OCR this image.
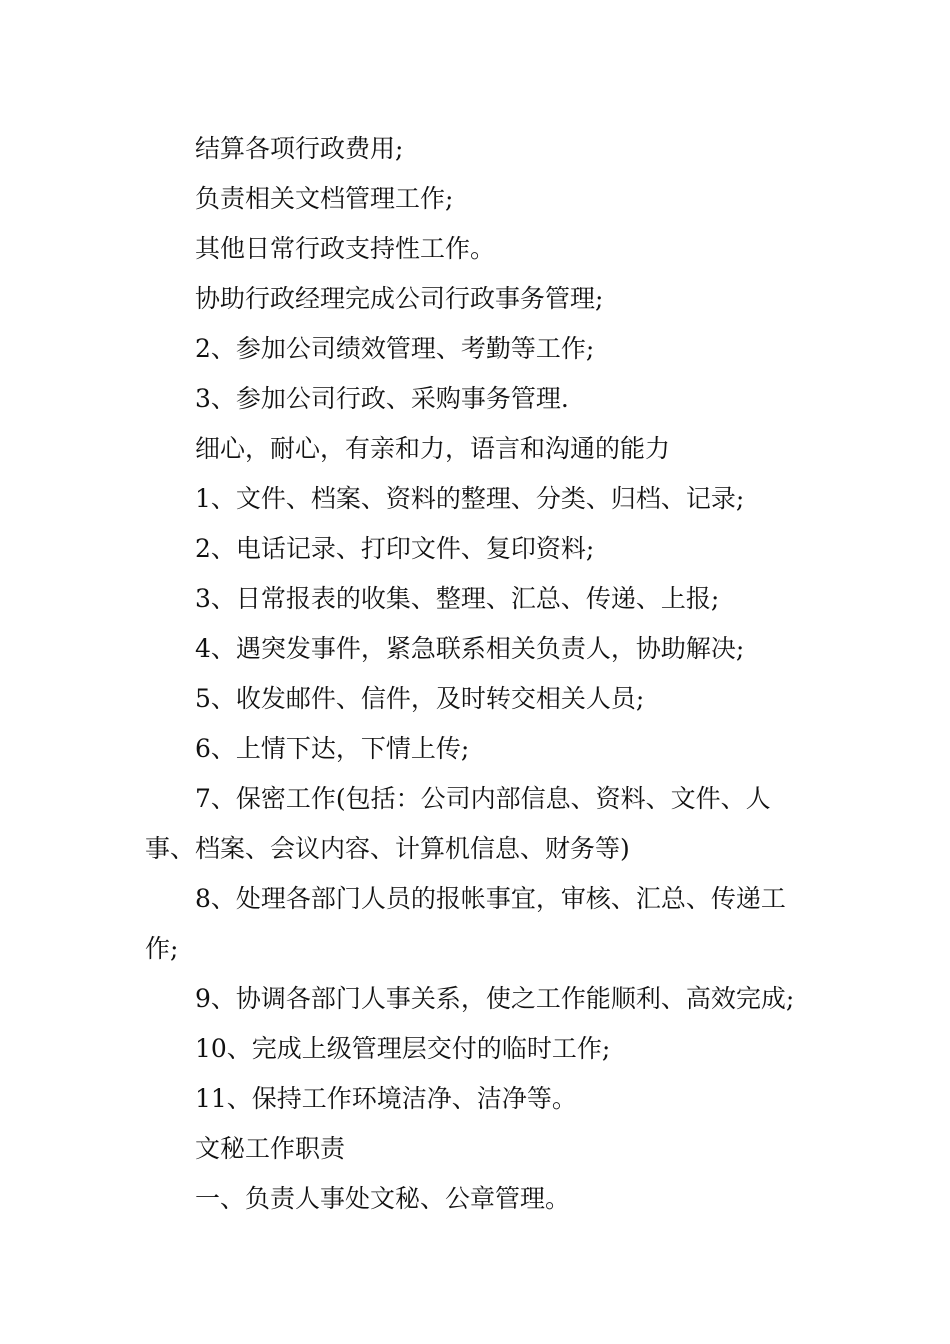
结算各项行政费用;

负责相关文档管理工作;

其他日常行政支持性工作。

协助行政经理完成公司行政事务管理;

2、参加公司绩效管理、考勤等工作;

3、参加公司行政、采购事务管理.

细心，耐心，有亲和力，语言和沟通的能力

1、文件、档案、资料的整理、分类、归档、记录;

2、电话记录、打印文件、复印资料;

3、日常报表的收集、整理、汇总、传递、上报;

4、遇突发事件，紧急联系相关负责人，协助解决;

5、收发邮件、信件，及时转交相关人员;

6、上情下达，下情上传;

7、保密工作(包括：公司内部信息、资料、文件、人事、档案、会议内容、计算机信息、财务等)

8、处理各部门人员的报帐事宜，审核、汇总、传递工作;

9、协调各部门人事关系，使之工作能顺利、高效完成;

10、完成上级管理层交付的临时工作;

11、保持工作环境洁净、洁净等。

文秘工作职责

一、负责人事处文秘、公章管理。
